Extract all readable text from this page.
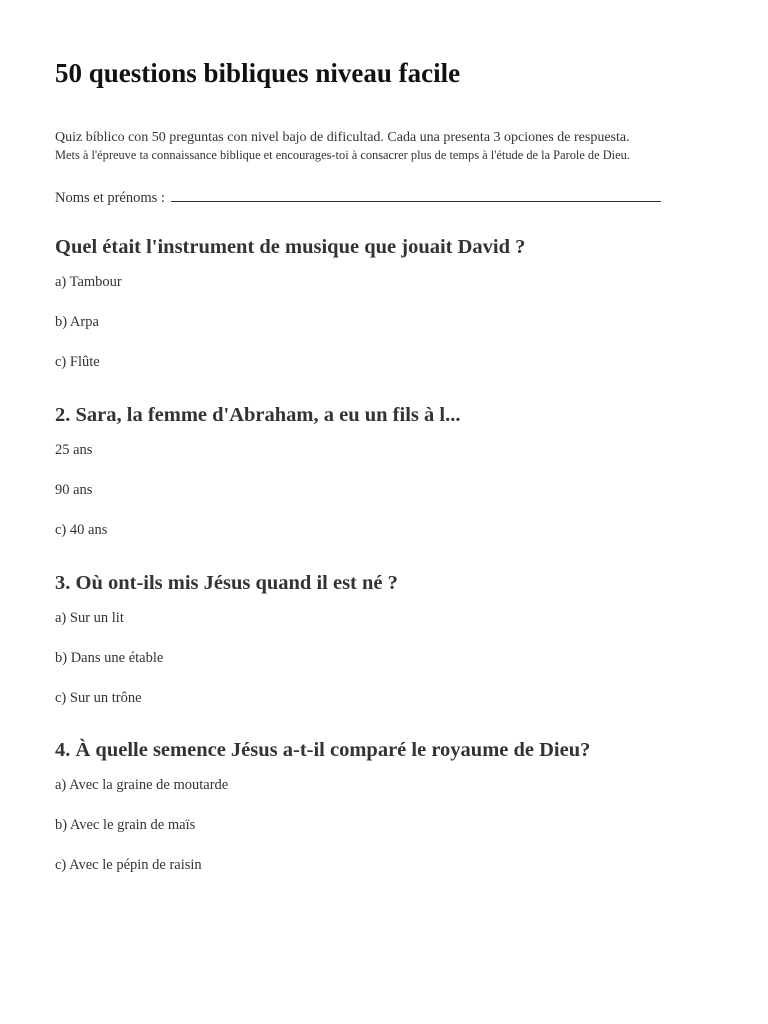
50 questions bibliques niveau facile
Quiz bíblico con 50 preguntas con nivel bajo de dificultad. Cada una presenta 3 opciones de respuesta.
Mets à l'épreuve ta connaissance biblique et encourages-toi à consacrer plus de temps à l'étude de la Parole de Dieu.
Noms et prénoms :
Quel était l'instrument de musique que jouait David ?
a) Tambour
b) Arpa
c) Flûte
2. Sara, la femme d'Abraham, a eu un fils à l...
25 ans
90 ans
c) 40 ans
3. Où ont-ils mis Jésus quand il est né ?
a) Sur un lit
b) Dans une étable
c) Sur un trône
4. À quelle semence Jésus a-t-il comparé le royaume de Dieu?
a) Avec la graine de moutarde
b) Avec le grain de maïs
c) Avec le pépin de raisin
